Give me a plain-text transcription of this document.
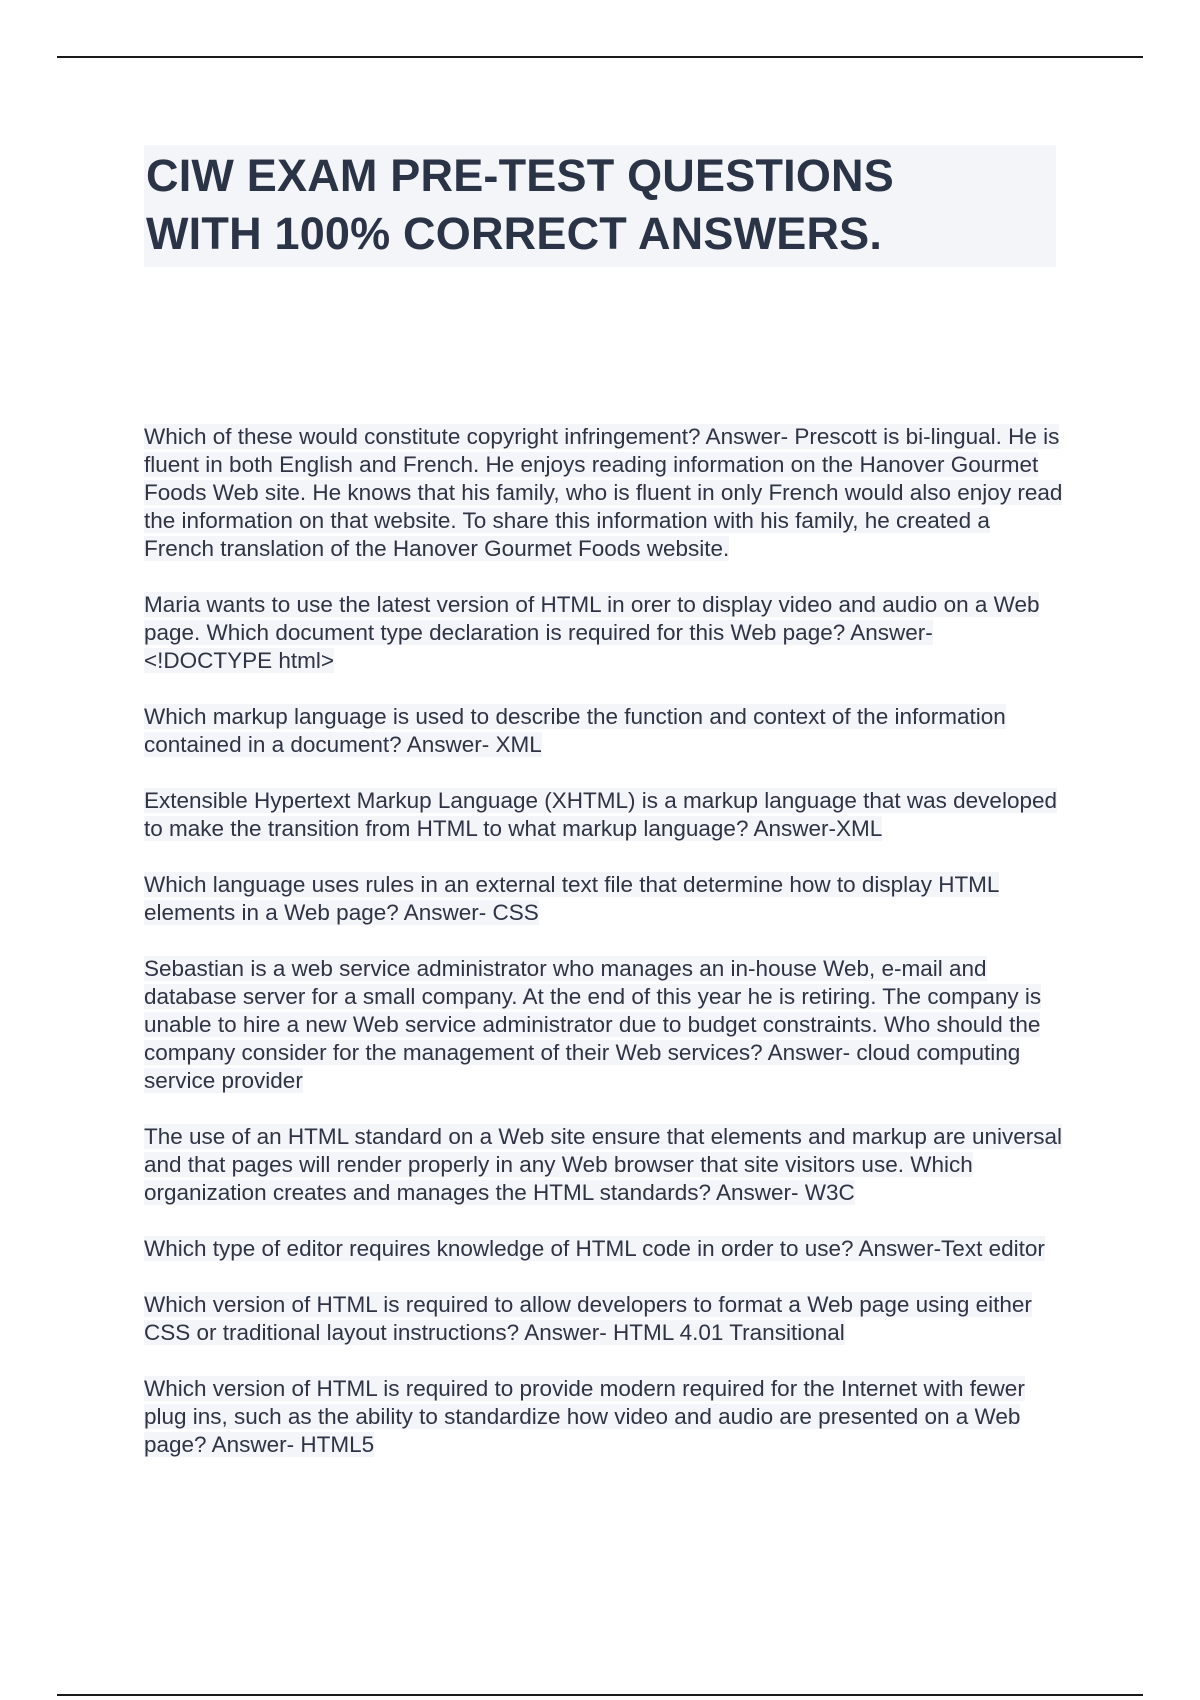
CIW EXAM PRE-TEST QUESTIONS
WITH 100% CORRECT ANSWERS.

Which of these would constitute copyright infringement? Answer- Prescott is bi-lingual. He is fluent in both English and French. He enjoys reading information on the Hanover Gourmet Foods Web site. He knows that his family, who is fluent in only French would also enjoy read the information on that website. To share this information with his family, he created a French translation of the Hanover Gourmet Foods website.

Maria wants to use the latest version of HTML in orer to display video and audio on a Web page. Which document type declaration is required for this Web page? Answer- <!DOCTYPE html>

Which markup language is used to describe the function and context of the information contained in a document? Answer- XML

Extensible Hypertext Markup Language (XHTML) is a markup language that was developed to make the transition from HTML to what markup language? Answer-XML

Which language uses rules in an external text file that determine how to display HTML elements in a Web page? Answer- CSS

Sebastian is a web service administrator who manages an in-house Web, e-mail and database server for a small company. At the end of this year he is retiring. The company is unable to hire a new Web service administrator due to budget constraints. Who should the company consider for the management of their Web services? Answer- cloud computing service provider

The use of an HTML standard on a Web site ensure that elements and markup are universal and that pages will render properly in any Web browser that site visitors use. Which organization creates and manages the HTML standards? Answer- W3C

Which type of editor requires knowledge of HTML code in order to use? Answer-Text editor

Which version of HTML is required to allow developers to format a Web page using either CSS or traditional layout instructions? Answer- HTML 4.01 Transitional

Which version of HTML is required to provide modern required for the Internet with fewer plug ins, such as the ability to standardize how video and audio are presented on a Web page? Answer- HTML5
